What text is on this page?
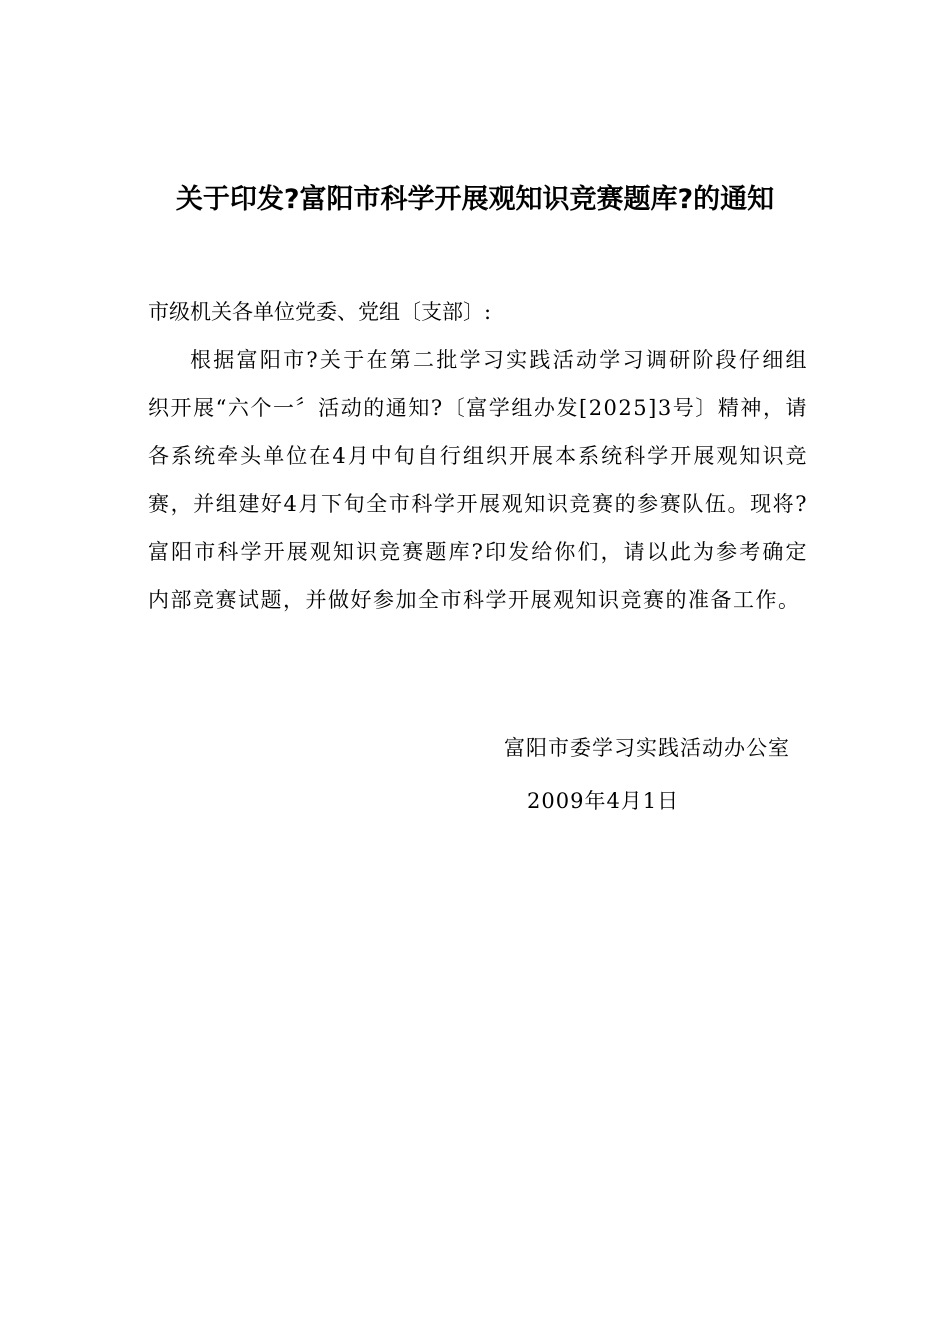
关于印发?富阳市科学开展观知识竞赛题库?的通知

市级机关各单位党委、党组〔支部〕:

根据富阳市?关于在第二批学习实践活动学习调研阶段仔细组织开展“六个一〞活动的通知?〔富学组办发[2025]3号〕精神，请各系统牵头单位在4月中旬自行组织开展本系统科学开展观知识竞赛，并组建好4月下旬全市科学开展观知识竞赛的参赛队伍。现将?富阳市科学开展观知识竞赛题库?印发给你们，请以此为参考确定内部竞赛试题，并做好参加全市科学开展观知识竞赛的准备工作。

富阳市委学习实践活动办公室
2009年4月1日
